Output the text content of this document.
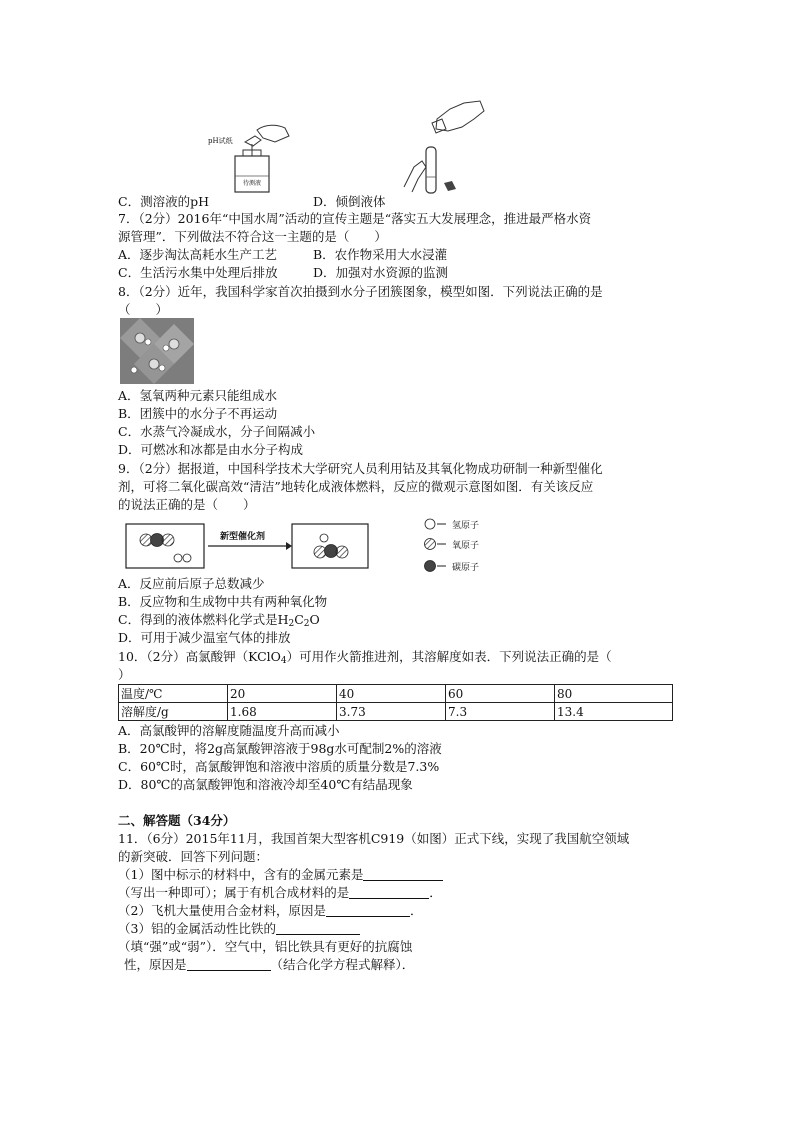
pH试纸
待测液
C．测溶液的pH	D．倾倒液体
7．（2分）2016年“中国水周”活动的宣传主题是“落实五大发展理念，推进最严格水资
源管理”．下列做法不符合这一主题的是（　　）
A．逐步淘汰高耗水生产工艺	B．农作物采用大水浸灌
C．生活污水集中处理后排放	D．加强对水资源的监测
8．（2分）近年，我国科学家首次拍摄到水分子团簇图象，模型如图．下列说法正确的是
（　　）
A．氢氧两种元素只能组成水
B．团簇中的水分子不再运动
C．水蒸气冷凝成水，分子间隔减小
D．可燃冰和冰都是由水分子构成
9．（2分）据报道，中国科学技术大学研究人员利用钴及其氧化物成功研制一种新型催化
剂，可将二氧化碳高效“清洁”地转化成液体燃料，反应的微观示意图如图．有关该反应
的说法正确的是（　　）
新型催化剂
氢原子
氧原子
碳原子
A．反应前后原子总数减少
B．反应物和生成物中共有两种氧化物
C．得到的液体燃料化学式是$H_2C_2O$
D．可用于减少温室气体的排放
10．（2分）高氯酸钾（KClO$_4$）可用作火箭推进剂，其溶解度如表．下列说法正确的是（
）
温度/℃	20	40	60	80
溶解度/g	1.68	3.73	7.3	13.4
A．高氯酸钾的溶解度随温度升高而减小
B．20℃时，将2g高氯酸钾溶液于98g水可配制2%的溶液
C．60℃时，高氯酸钾饱和溶液中溶质的质量分数是7.3%
D．80℃的高氯酸钾饱和溶液冷却至40℃有结晶现象
二、解答题（34分）
11．（6分）2015年11月，我国首架大型客机C919（如图）正式下线，实现了我国航空领域
的新突破．回答下列问题：
（1）图中标示的材料中，含有的金属元素是
（写出一种即可）；属于有机合成材料的是	．
（2）飞机大量使用合金材料，原因是	．
（3）铝的金属活动性比铁的
（填“强”或“弱”）．空气中，铝比铁具有更好的抗腐蚀
性，原因是	（结合化学方程式解释）．
